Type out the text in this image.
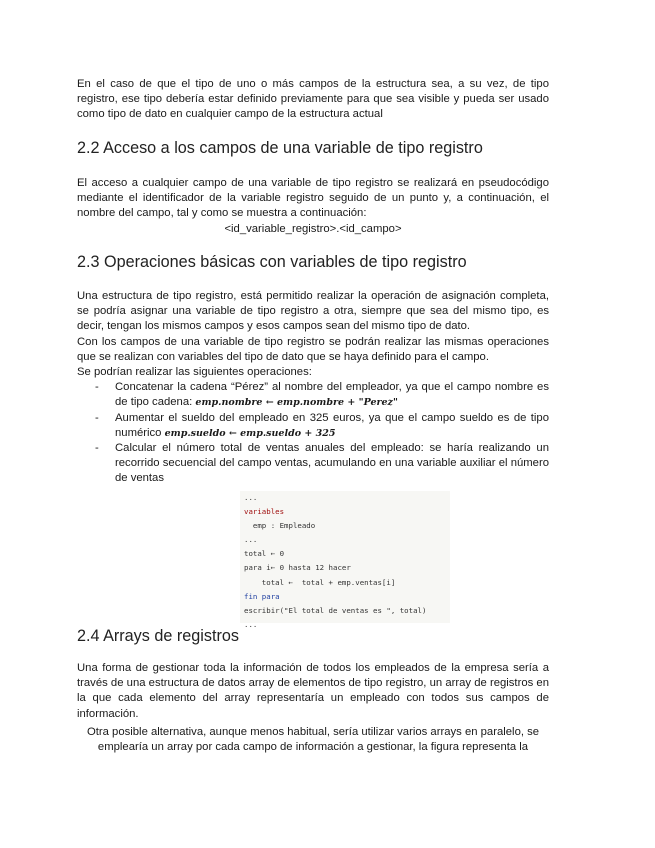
En el caso de que el tipo de uno o más campos de la estructura sea, a su vez, de tipo registro, ese tipo debería estar definido previamente para que sea visible y pueda ser usado como tipo de dato en cualquier campo de la estructura actual

2.2 Acceso a los campos de una variable de tipo registro

El acceso a cualquier campo de una variable de tipo registro se realizará en pseudocódigo mediante el identificador de la variable registro seguido de un punto y, a continuación, el nombre del campo, tal y como se muestra a continuación:

<id_variable_registro>.<id_campo>

2.3 Operaciones básicas con variables de tipo registro

Una estructura de tipo registro, está permitido realizar la operación de asignación completa, se podría asignar una variable de tipo registro a otra, siempre que sea del mismo tipo, es decir, tengan los mismos campos y esos campos sean del mismo tipo de dato.

Con los campos de una variable de tipo registro se podrán realizar las mismas operaciones que se realizan con variables del tipo de dato que se haya definido para el campo.

Se podrían realizar las siguientes operaciones:

- Concatenar la cadena “Pérez” al nombre del empleador, ya que el campo nombre es de tipo cadena: emp.nombre ← emp.nombre + "Perez"
- Aumentar el sueldo del empleado en 325 euros, ya que el campo sueldo es de tipo numérico emp.sueldo ← emp.sueldo + 325
- Calcular el número total de ventas anuales del empleado: se haría realizando un recorrido secuencial del campo ventas, acumulando en una variable auxiliar el número de ventas
2.4 Arrays de registros

Una forma de gestionar toda la información de todos los empleados de la empresa sería a través de una estructura de datos array de elementos de tipo registro, un array de registros en la que cada elemento del array representaría un empleado con todos sus campos de información.

Otra posible alternativa, aunque menos habitual, sería utilizar varios arrays en paralelo, se emplearía un array por cada campo de información a gestionar, la figura representa la

...
variables
emp : Empleado
...
total ← 0
para i← 0 hasta 12 hacer
total ←  total + emp.ventas[i]
fin para
escribir("El total de ventas es ", total)
...
